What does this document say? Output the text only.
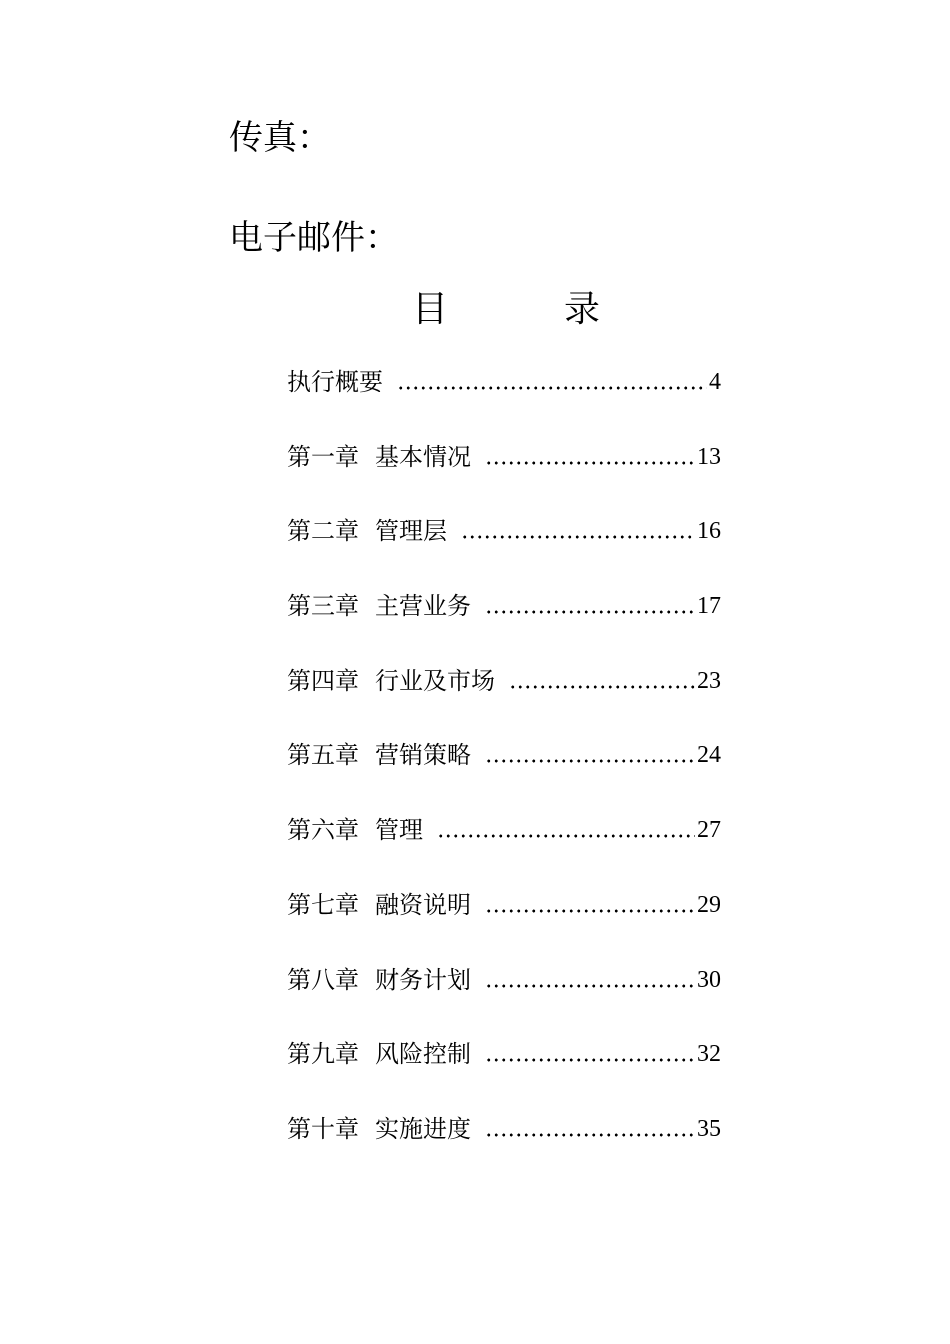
传真：
电子邮件：
目	录
执行概要	4
第一章 基本情况	13
第二章 管理层	16
第三章 主营业务	17
第四章 行业及市场	23
第五章 营销策略	24
第六章 管理	27
第七章 融资说明	29
第八章 财务计划	30
第九章 风险控制	32
第十章 实施进度	35
